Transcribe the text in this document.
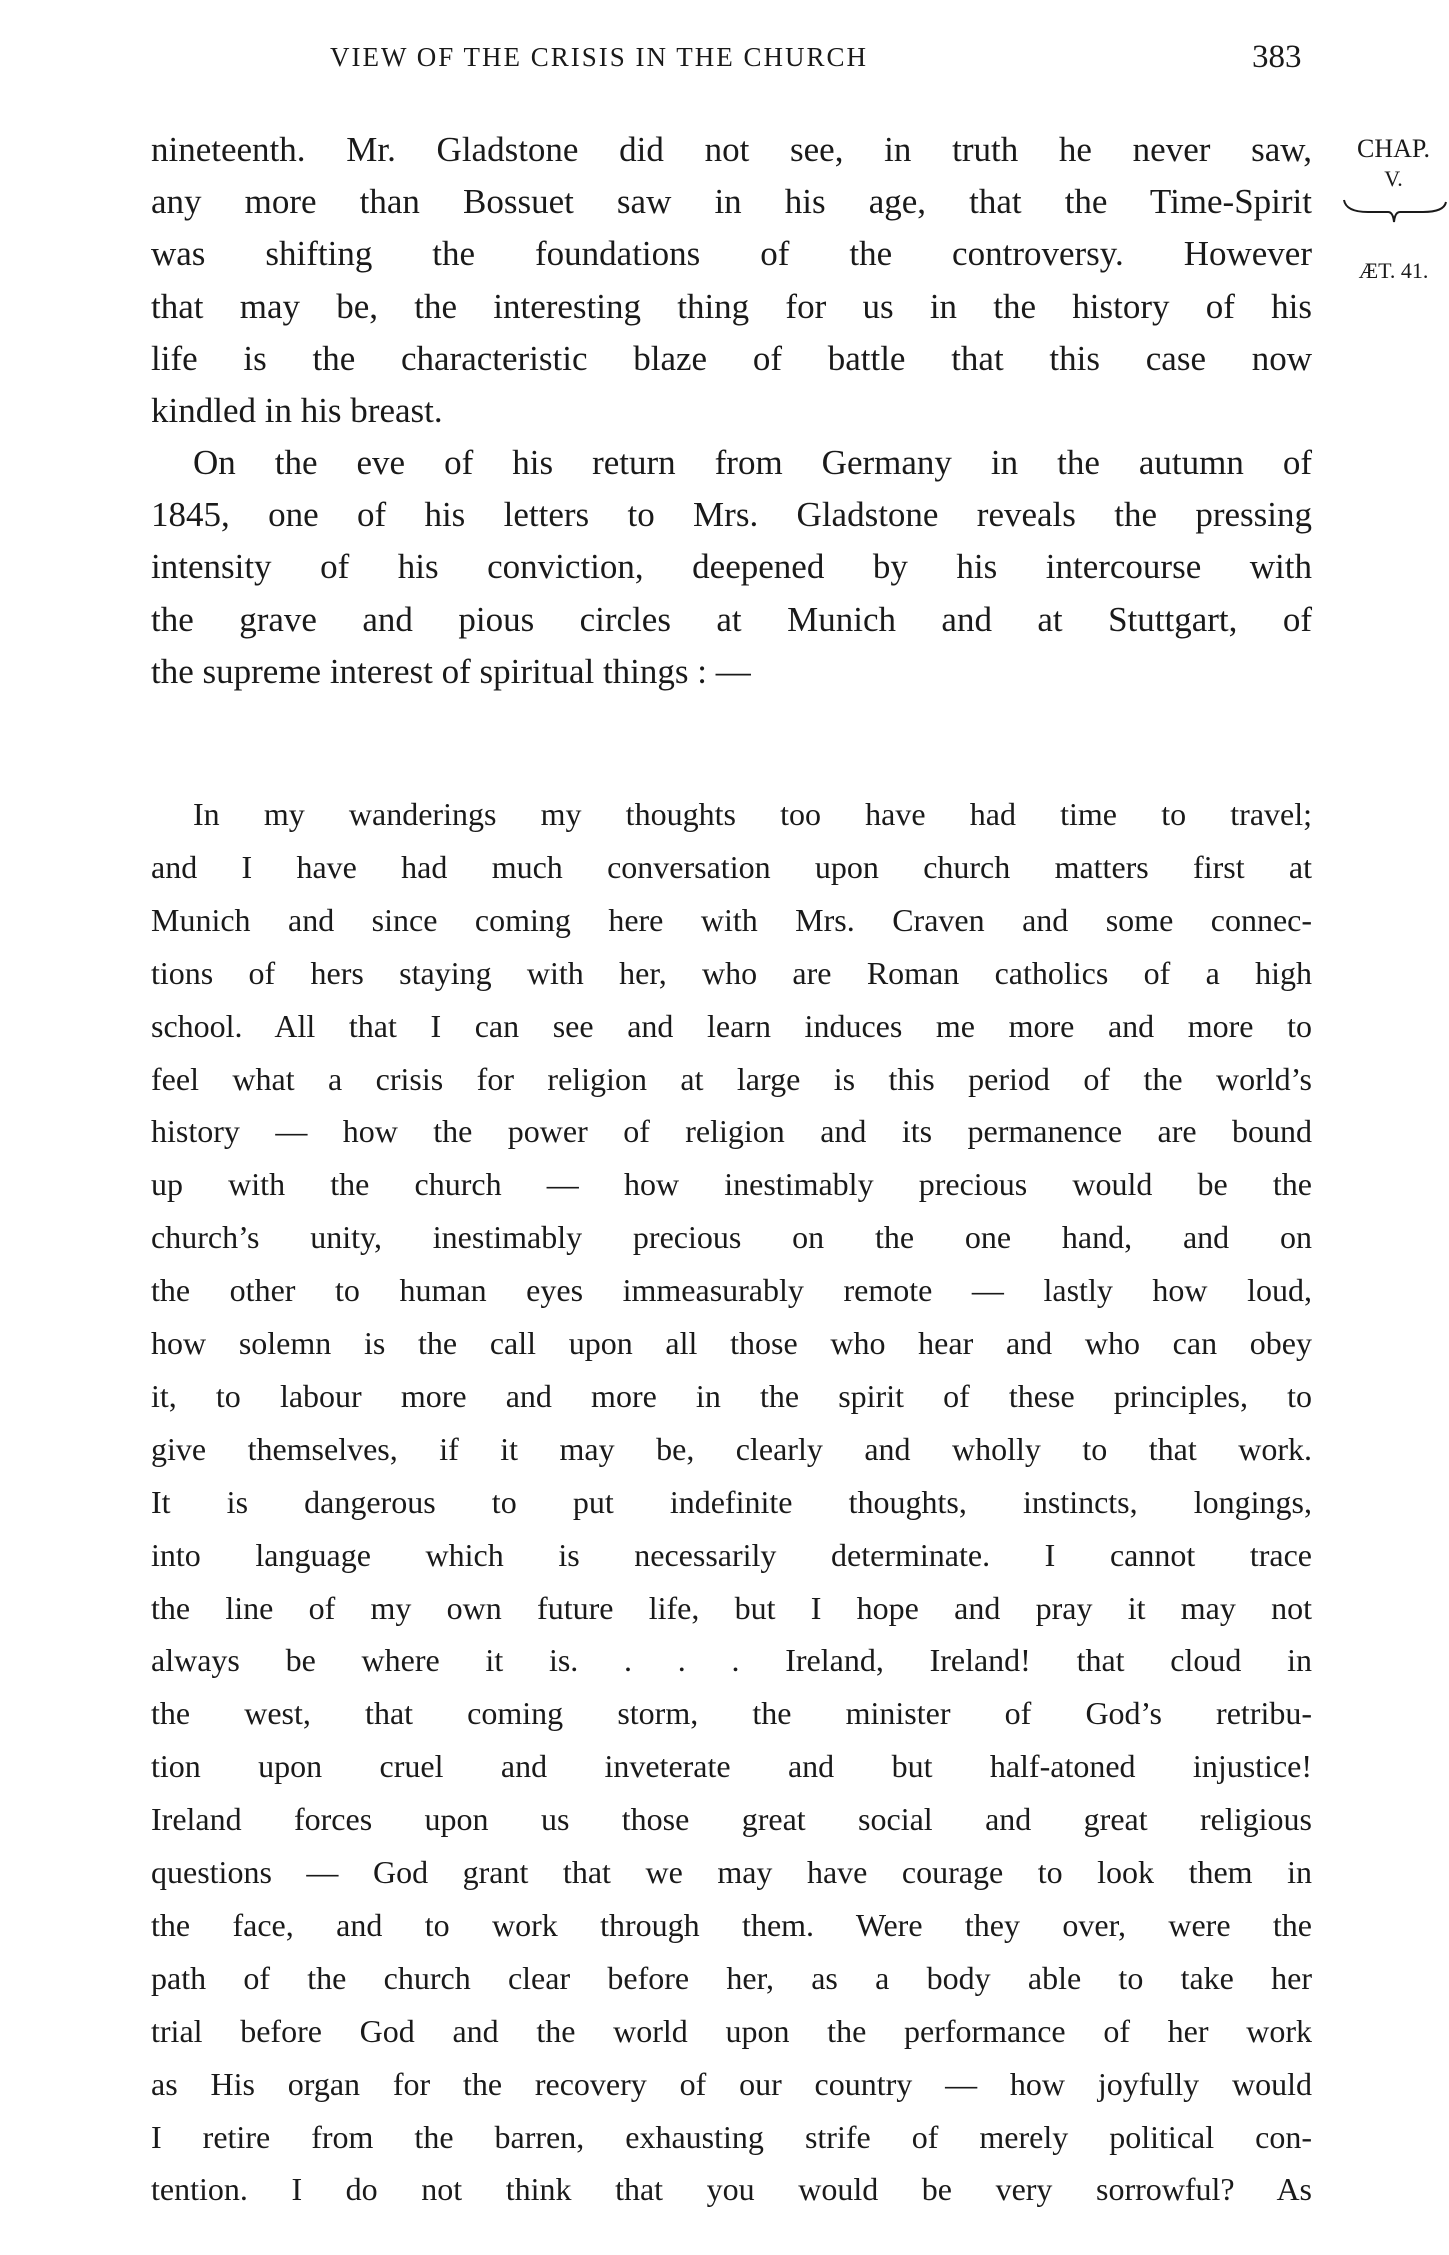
VIEW OF THE CRISIS IN THE CHURCH	383
CHAP.
V.
ÆT. 41.
nineteenth. Mr. Gladstone did not see, in truth he never saw,
any more than Bossuet saw in his age, that the Time-Spirit
was shifting the foundations of the controversy. However
that may be, the interesting thing for us in the history of his
life is the characteristic blaze of battle that this case now
kindled in his breast.
On the eve of his return from Germany in the autumn of
1845, one of his letters to Mrs. Gladstone reveals the pressing
intensity of his conviction, deepened by his intercourse with
the grave and pious circles at Munich and at Stuttgart, of
the supreme interest of spiritual things : —
In my wanderings my thoughts too have had time to travel;
and I have had much conversation upon church matters first at
Munich and since coming here with Mrs. Craven and some connec-
tions of hers staying with her, who are Roman catholics of a high
school. All that I can see and learn induces me more and more to
feel what a crisis for religion at large is this period of the world’s
history — how the power of religion and its permanence are bound
up with the church — how inestimably precious would be the
church’s unity, inestimably precious on the one hand, and on
the other to human eyes immeasurably remote — lastly how loud,
how solemn is the call upon all those who hear and who can obey
it, to labour more and more in the spirit of these principles, to
give themselves, if it may be, clearly and wholly to that work.
It is dangerous to put indefinite thoughts, instincts, longings,
into language which is necessarily determinate. I cannot trace
the line of my own future life, but I hope and pray it may not
always be where it is. . . . Ireland, Ireland! that cloud in
the west, that coming storm, the minister of God’s retribu-
tion upon cruel and inveterate and but half-atoned injustice!
Ireland forces upon us those great social and great religious
questions — God grant that we may have courage to look them in
the face, and to work through them. Were they over, were the
path of the church clear before her, as a body able to take her
trial before God and the world upon the performance of her work
as His organ for the recovery of our country — how joyfully would
I retire from the barren, exhausting strife of merely political con-
tention. I do not think that you would be very sorrowful? As
